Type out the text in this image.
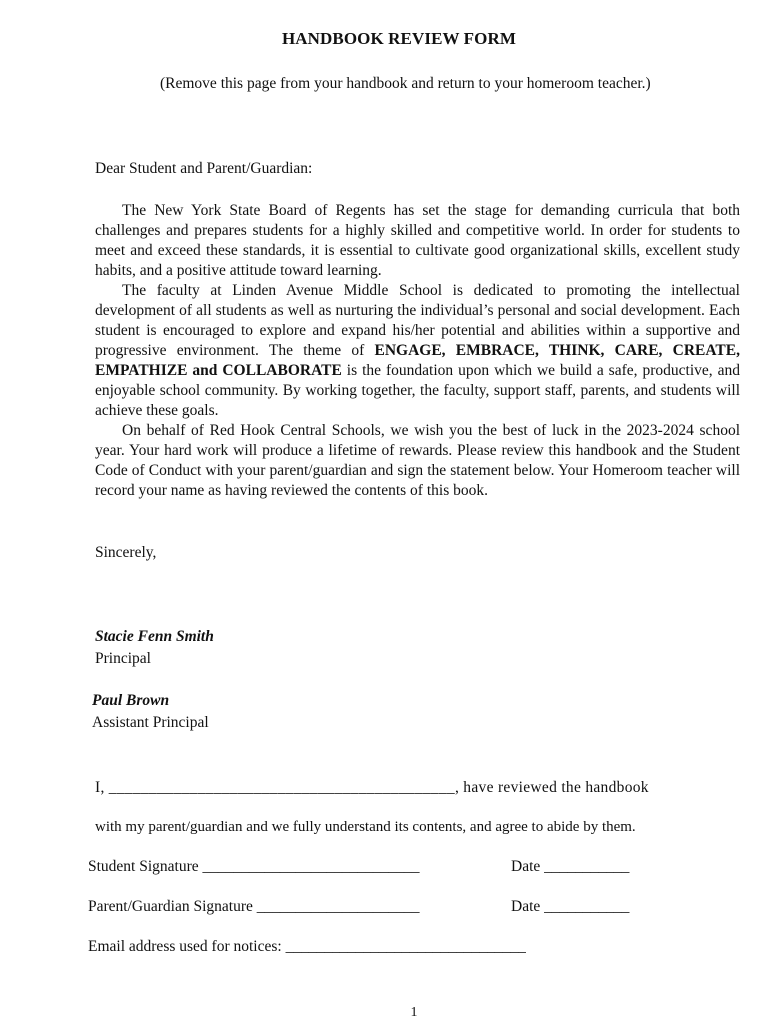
HANDBOOK REVIEW FORM
(Remove this page from your handbook and return to your homeroom teacher.)
Dear Student and Parent/Guardian:

The New York State Board of Regents has set the stage for demanding curricula that both challenges and prepares students for a highly skilled and competitive world. In order for students to meet and exceed these standards, it is essential to cultivate good organizational skills, excellent study habits, and a positive attitude toward learning.

The faculty at Linden Avenue Middle School is dedicated to promoting the intellectual development of all students as well as nurturing the individual’s personal and social development. Each student is encouraged to explore and expand his/her potential and abilities within a supportive and progressive environment. The theme of ENGAGE, EMBRACE, THINK, CARE, CREATE, EMPATHIZE and COLLABORATE is the foundation upon which we build a safe, productive, and enjoyable school community. By working together, the faculty, support staff, parents, and students will achieve these goals.

On behalf of Red Hook Central Schools, we wish you the best of luck in the 2023-2024 school year. Your hard work will produce a lifetime of rewards. Please review this handbook and the Student Code of Conduct with your parent/guardian and sign the statement below. Your Homeroom teacher will record your name as having reviewed the contents of this book.

Sincerely,
Stacie Fenn Smith
Principal
Paul Brown
Assistant Principal
I, ___________________________________________, have reviewed the handbook
with my parent/guardian and we fully understand its contents, and agree to abide by them.
Student Signature ____________________________	Date ___________
Parent/Guardian Signature _____________________	Date ___________
Email address used for notices: _______________________________
1
